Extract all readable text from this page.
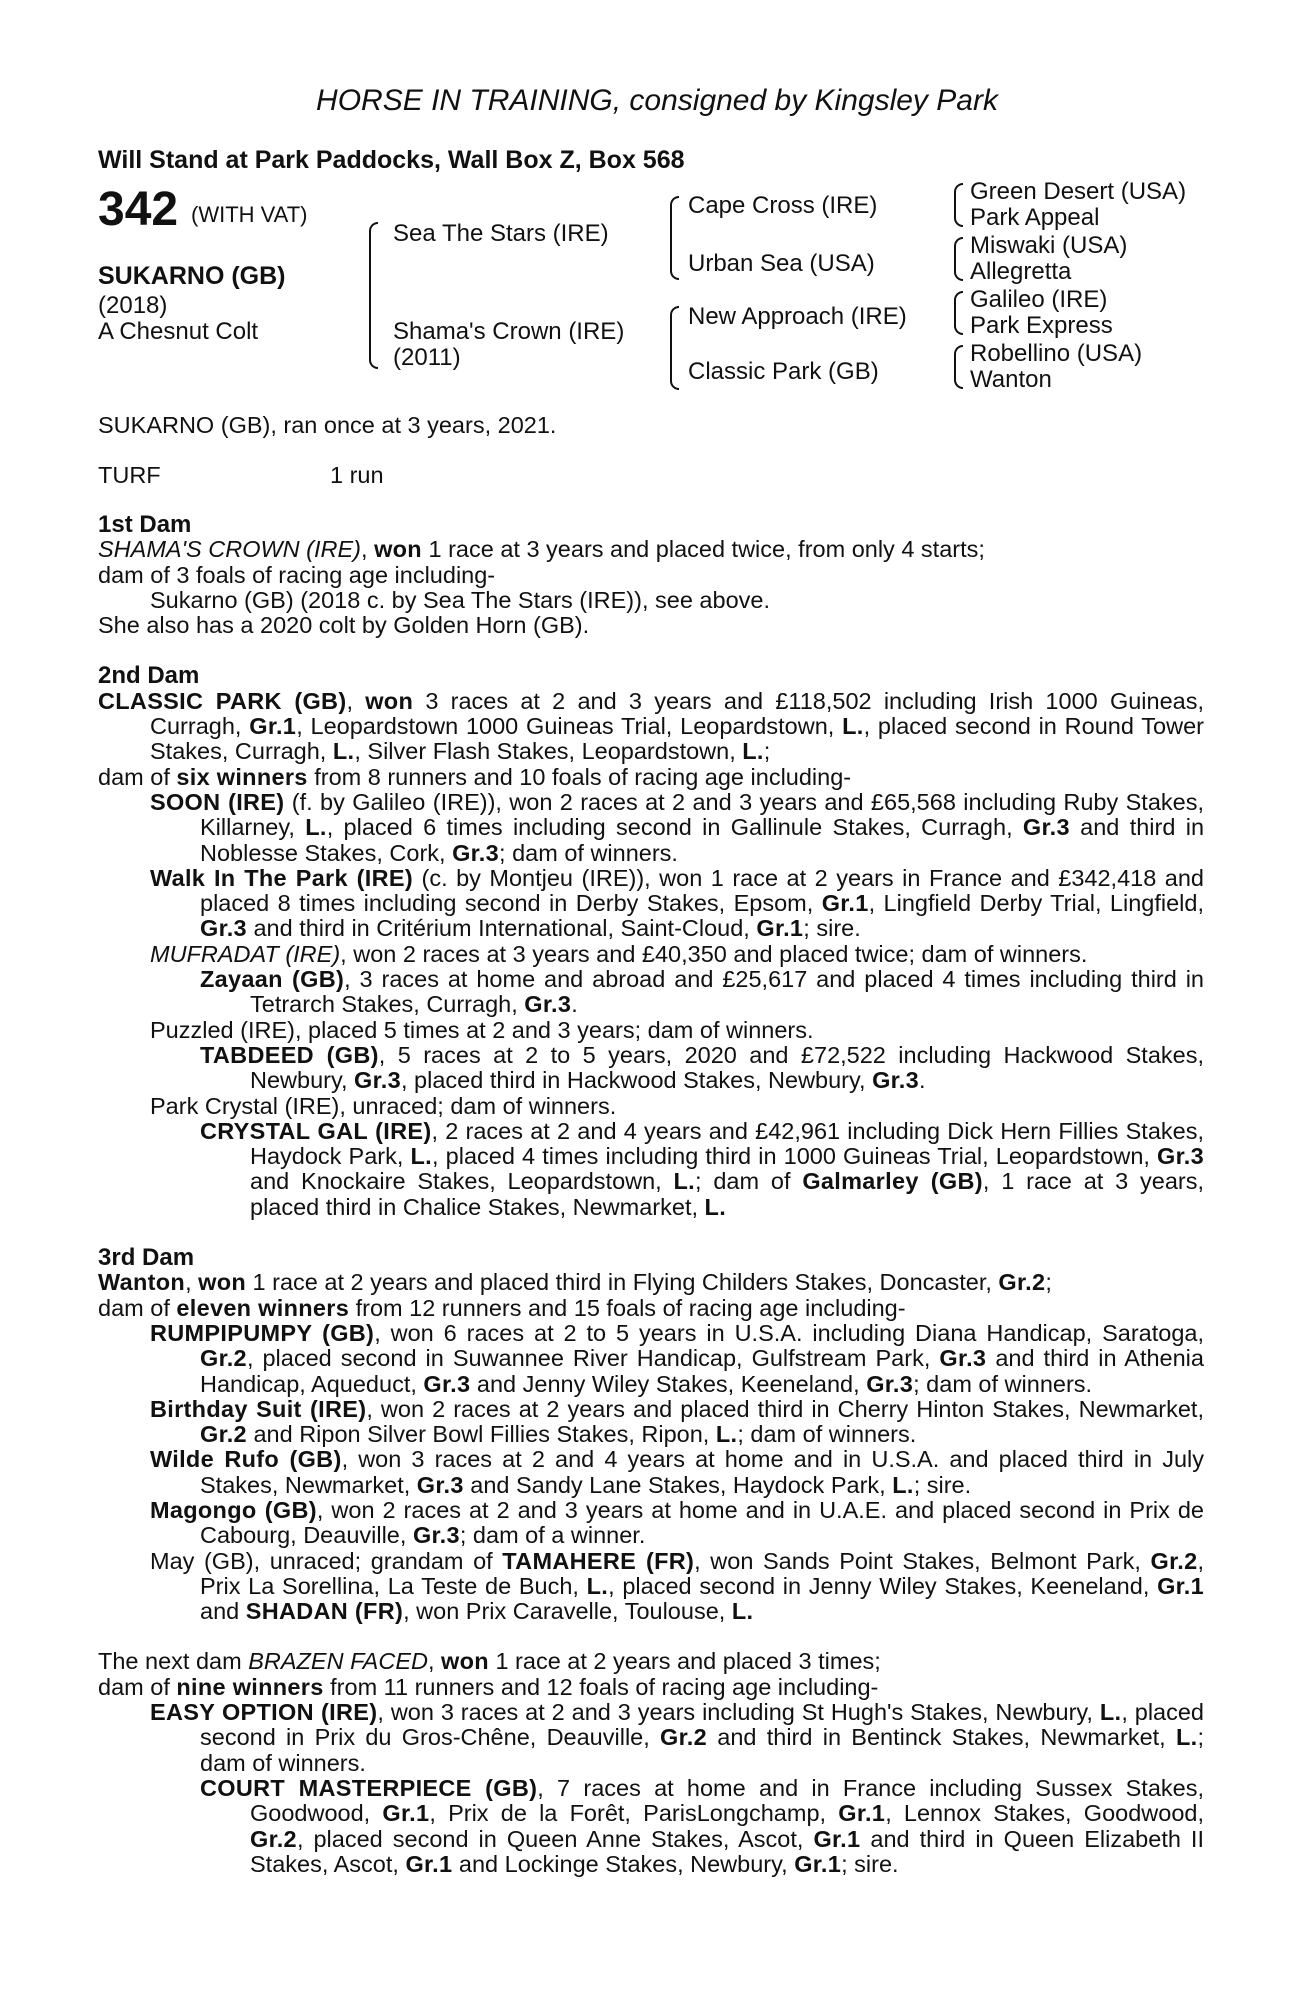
HORSE IN TRAINING, consigned by Kingsley Park
Will Stand at Park Paddocks, Wall Box Z, Box 568
342 (WITH VAT)
SUKARNO (GB)
(2018)
A Chesnut Colt
Sea The Stars (IRE)
Shama's Crown (IRE)
(2011)
Cape Cross (IRE)
Urban Sea (USA)
New Approach (IRE)
Classic Park (GB)
Green Desert (USA)
Park Appeal
Miswaki (USA)
Allegretta
Galileo (IRE)
Park Express
Robellino (USA)
Wanton
SUKARNO (GB), ran once at 3 years, 2021.
TURF	1 run

1st Dam

SHAMA'S CROWN (IRE), won 1 race at 3 years and placed twice, from only 4 starts;

dam of 3 foals of racing age including-

Sukarno (GB) (2018 c. by Sea The Stars (IRE)), see above.

She also has a 2020 colt by Golden Horn (GB).

2nd Dam

CLASSIC PARK (GB), won 3 races at 2 and 3 years and £118,502 including Irish 1000 Guineas, Curragh, Gr.1, Leopardstown 1000 Guineas Trial, Leopardstown, L., placed second in Round Tower Stakes, Curragh, L., Silver Flash Stakes, Leopardstown, L.;

dam of six winners from 8 runners and 10 foals of racing age including-

SOON (IRE) (f. by Galileo (IRE)), won 2 races at 2 and 3 years and £65,568 including Ruby Stakes, Killarney, L., placed 6 times including second in Gallinule Stakes, Curragh, Gr.3 and third in Noblesse Stakes, Cork, Gr.3; dam of winners.

Walk In The Park (IRE) (c. by Montjeu (IRE)), won 1 race at 2 years in France and £342,418 and placed 8 times including second in Derby Stakes, Epsom, Gr.1, Lingfield Derby Trial, Lingfield, Gr.3 and third in Critérium International, Saint-Cloud, Gr.1; sire.

MUFRADAT (IRE), won 2 races at 3 years and £40,350 and placed twice; dam of winners.

Zayaan (GB), 3 races at home and abroad and £25,617 and placed 4 times including third in Tetrarch Stakes, Curragh, Gr.3.

Puzzled (IRE), placed 5 times at 2 and 3 years; dam of winners.

TABDEED (GB), 5 races at 2 to 5 years, 2020 and £72,522 including Hackwood Stakes, Newbury, Gr.3, placed third in Hackwood Stakes, Newbury, Gr.3.

Park Crystal (IRE), unraced; dam of winners.

CRYSTAL GAL (IRE), 2 races at 2 and 4 years and £42,961 including Dick Hern Fillies Stakes, Haydock Park, L., placed 4 times including third in 1000 Guineas Trial, Leopardstown, Gr.3 and Knockaire Stakes, Leopardstown, L.; dam of Galmarley (GB), 1 race at 3 years, placed third in Chalice Stakes, Newmarket, L.

3rd Dam

Wanton, won 1 race at 2 years and placed third in Flying Childers Stakes, Doncaster, Gr.2;

dam of eleven winners from 12 runners and 15 foals of racing age including-

RUMPIPUMPY (GB), won 6 races at 2 to 5 years in U.S.A. including Diana Handicap, Saratoga, Gr.2, placed second in Suwannee River Handicap, Gulfstream Park, Gr.3 and third in Athenia Handicap, Aqueduct, Gr.3 and Jenny Wiley Stakes, Keeneland, Gr.3; dam of winners.

Birthday Suit (IRE), won 2 races at 2 years and placed third in Cherry Hinton Stakes, Newmarket, Gr.2 and Ripon Silver Bowl Fillies Stakes, Ripon, L.; dam of winners.

Wilde Rufo (GB), won 3 races at 2 and 4 years at home and in U.S.A. and placed third in July Stakes, Newmarket, Gr.3 and Sandy Lane Stakes, Haydock Park, L.; sire.

Magongo (GB), won 2 races at 2 and 3 years at home and in U.A.E. and placed second in Prix de Cabourg, Deauville, Gr.3; dam of a winner.

May (GB), unraced; grandam of TAMAHERE (FR), won Sands Point Stakes, Belmont Park, Gr.2, Prix La Sorellina, La Teste de Buch, L., placed second in Jenny Wiley Stakes, Keeneland, Gr.1 and SHADAN (FR), won Prix Caravelle, Toulouse, L.

The next dam BRAZEN FACED, won 1 race at 2 years and placed 3 times;

dam of nine winners from 11 runners and 12 foals of racing age including-

EASY OPTION (IRE), won 3 races at 2 and 3 years including St Hugh's Stakes, Newbury, L., placed second in Prix du Gros-Chêne, Deauville, Gr.2 and third in Bentinck Stakes, Newmarket, L.; dam of winners.

COURT MASTERPIECE (GB), 7 races at home and in France including Sussex Stakes, Goodwood, Gr.1, Prix de la Forêt, ParisLongchamp, Gr.1, Lennox Stakes, Goodwood, Gr.2, placed second in Queen Anne Stakes, Ascot, Gr.1 and third in Queen Elizabeth II Stakes, Ascot, Gr.1 and Lockinge Stakes, Newbury, Gr.1; sire.
